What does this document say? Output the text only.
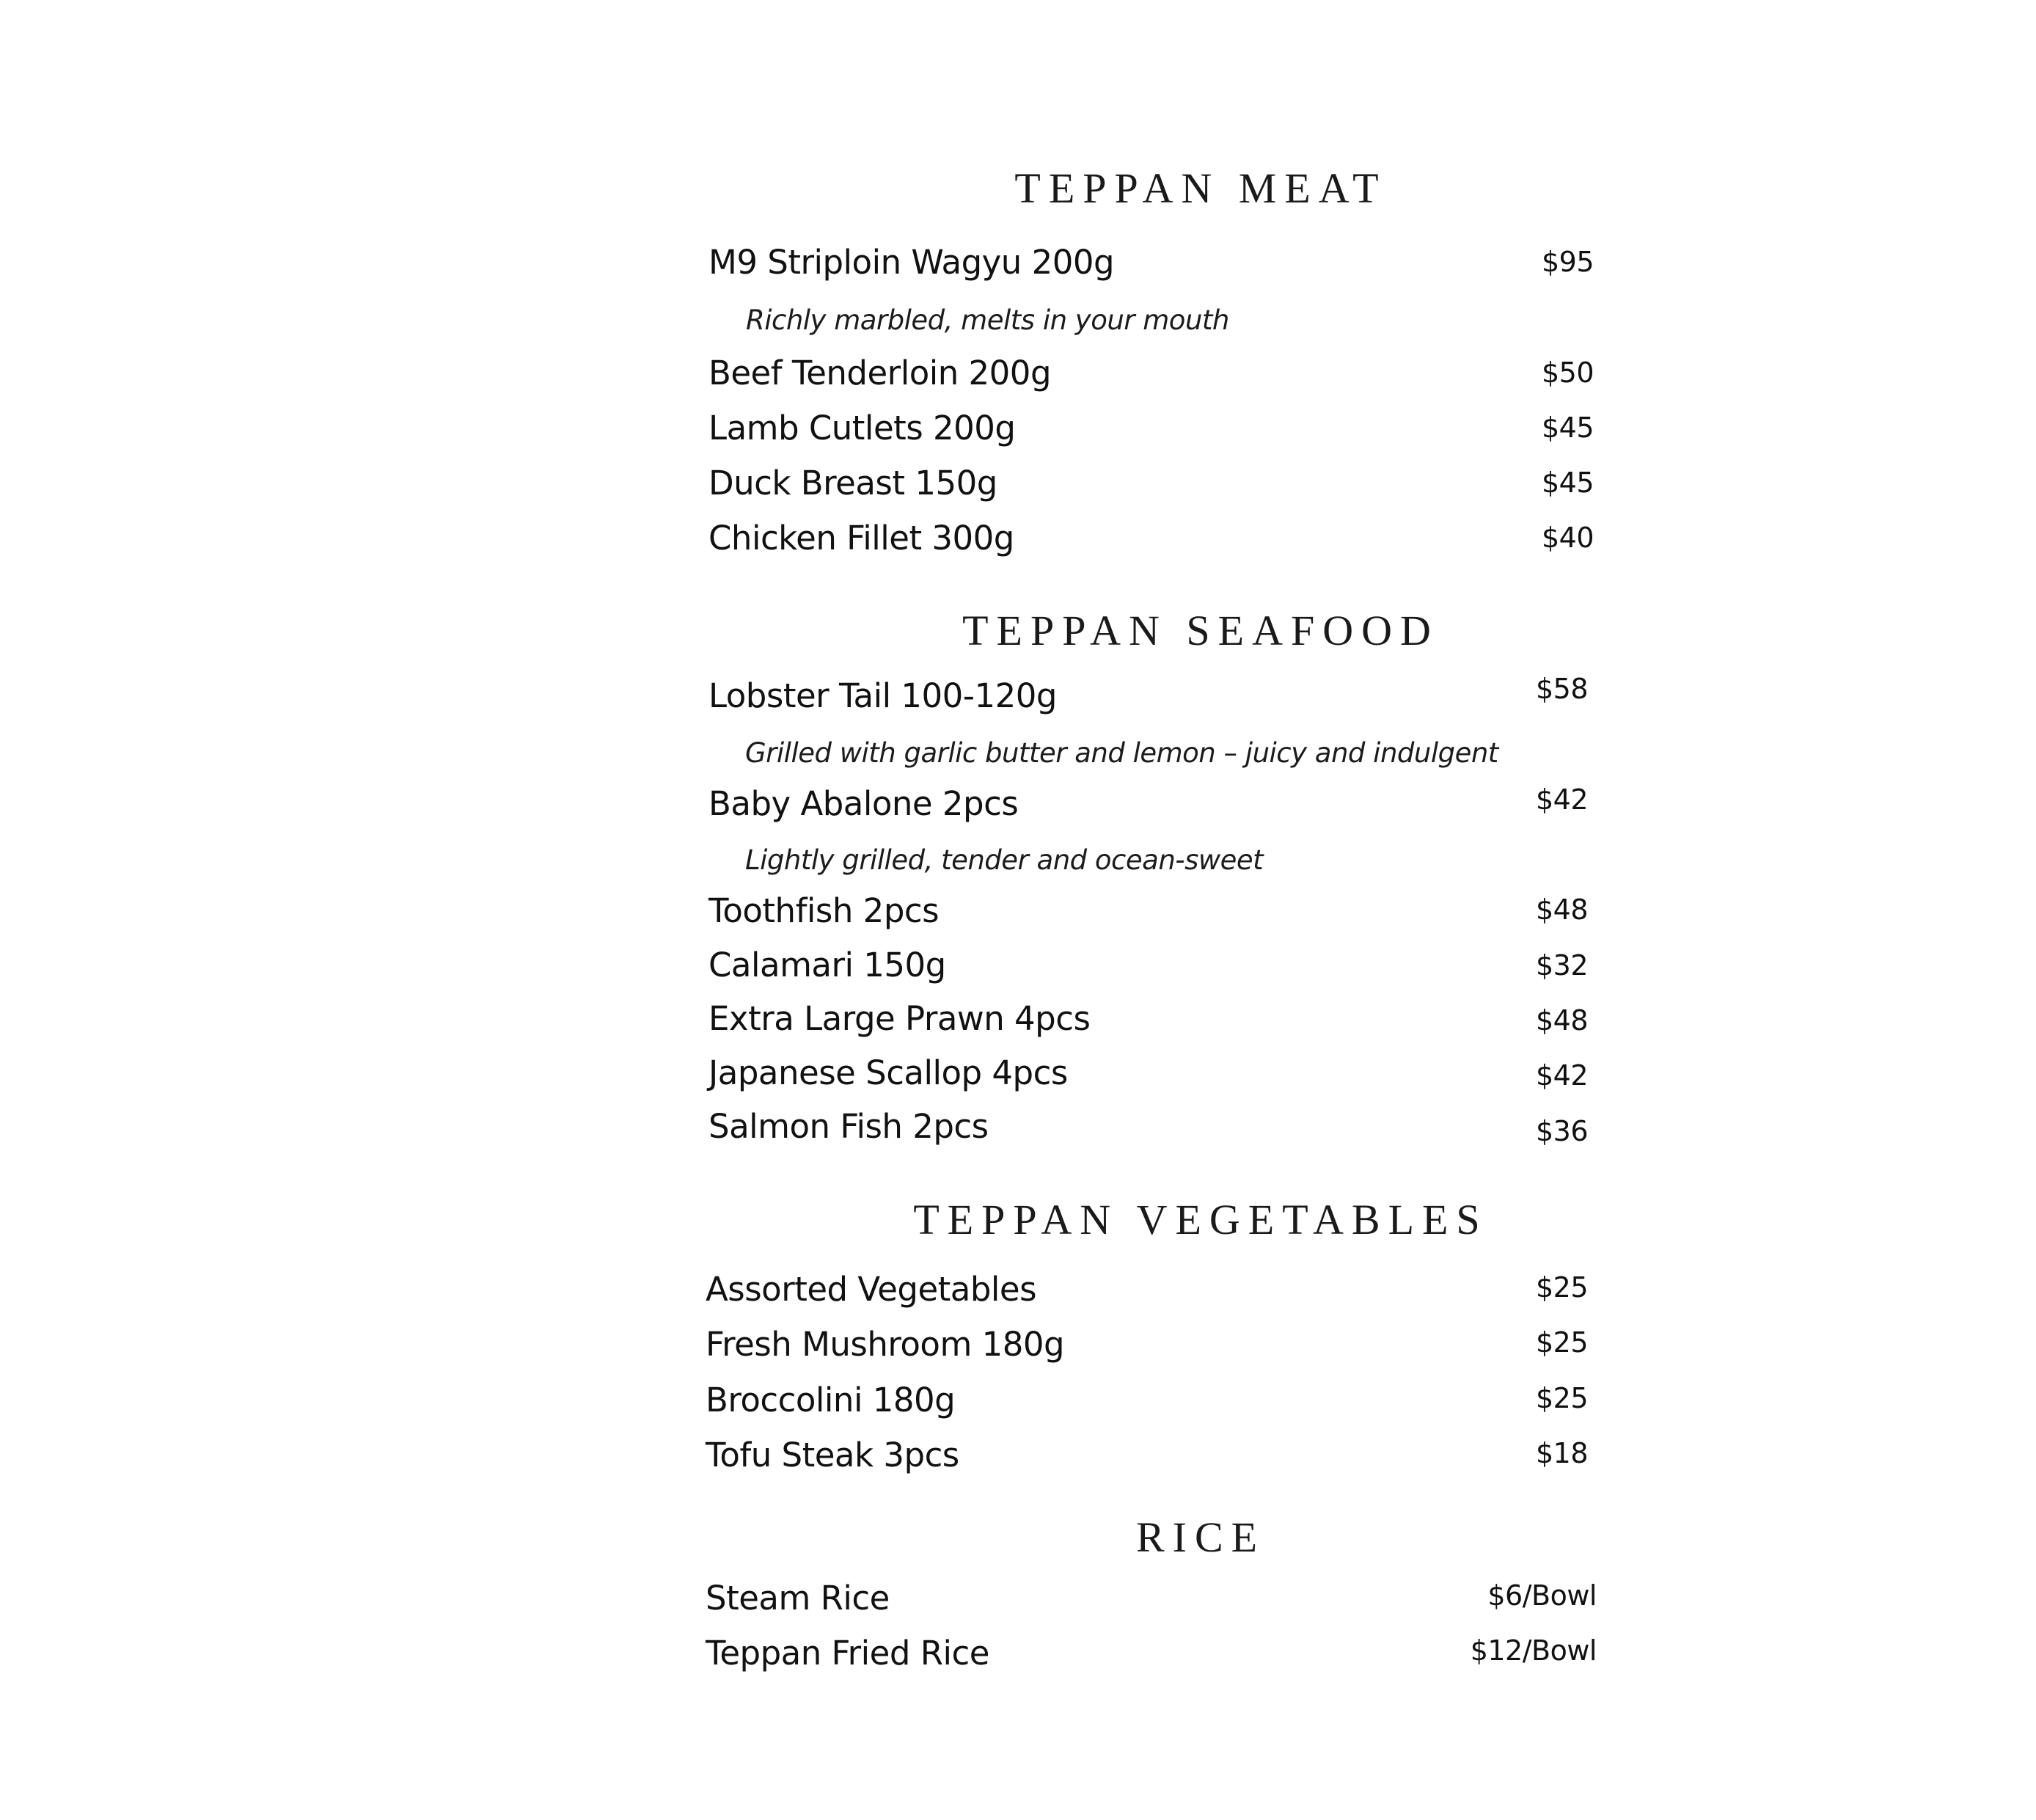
TEPPAN MEAT
M9 Striploin Wagyu 200g	$95
Richly marbled, melts in your mouth
Beef Tenderloin 200g	$50
Lamb Cutlets 200g	$45
Duck Breast 150g	$45
Chicken Fillet 300g	$40
TEPPAN SEAFOOD
Lobster Tail 100-120g	$58
Grilled with garlic butter and lemon – juicy and indulgent
Baby Abalone 2pcs	$42
Lightly grilled, tender and ocean-sweet
Toothfish 2pcs	$48
Calamari 150g	$32
Extra Large Prawn 4pcs	$48
Japanese Scallop 4pcs	$42
Salmon Fish 2pcs	$36
TEPPAN VEGETABLES
Assorted Vegetables	$25
Fresh Mushroom 180g	$25
Broccolini 180g	$25
Tofu Steak 3pcs	$18
RICE
Steam Rice	$6/Bowl
Teppan Fried Rice	$12/Bowl
